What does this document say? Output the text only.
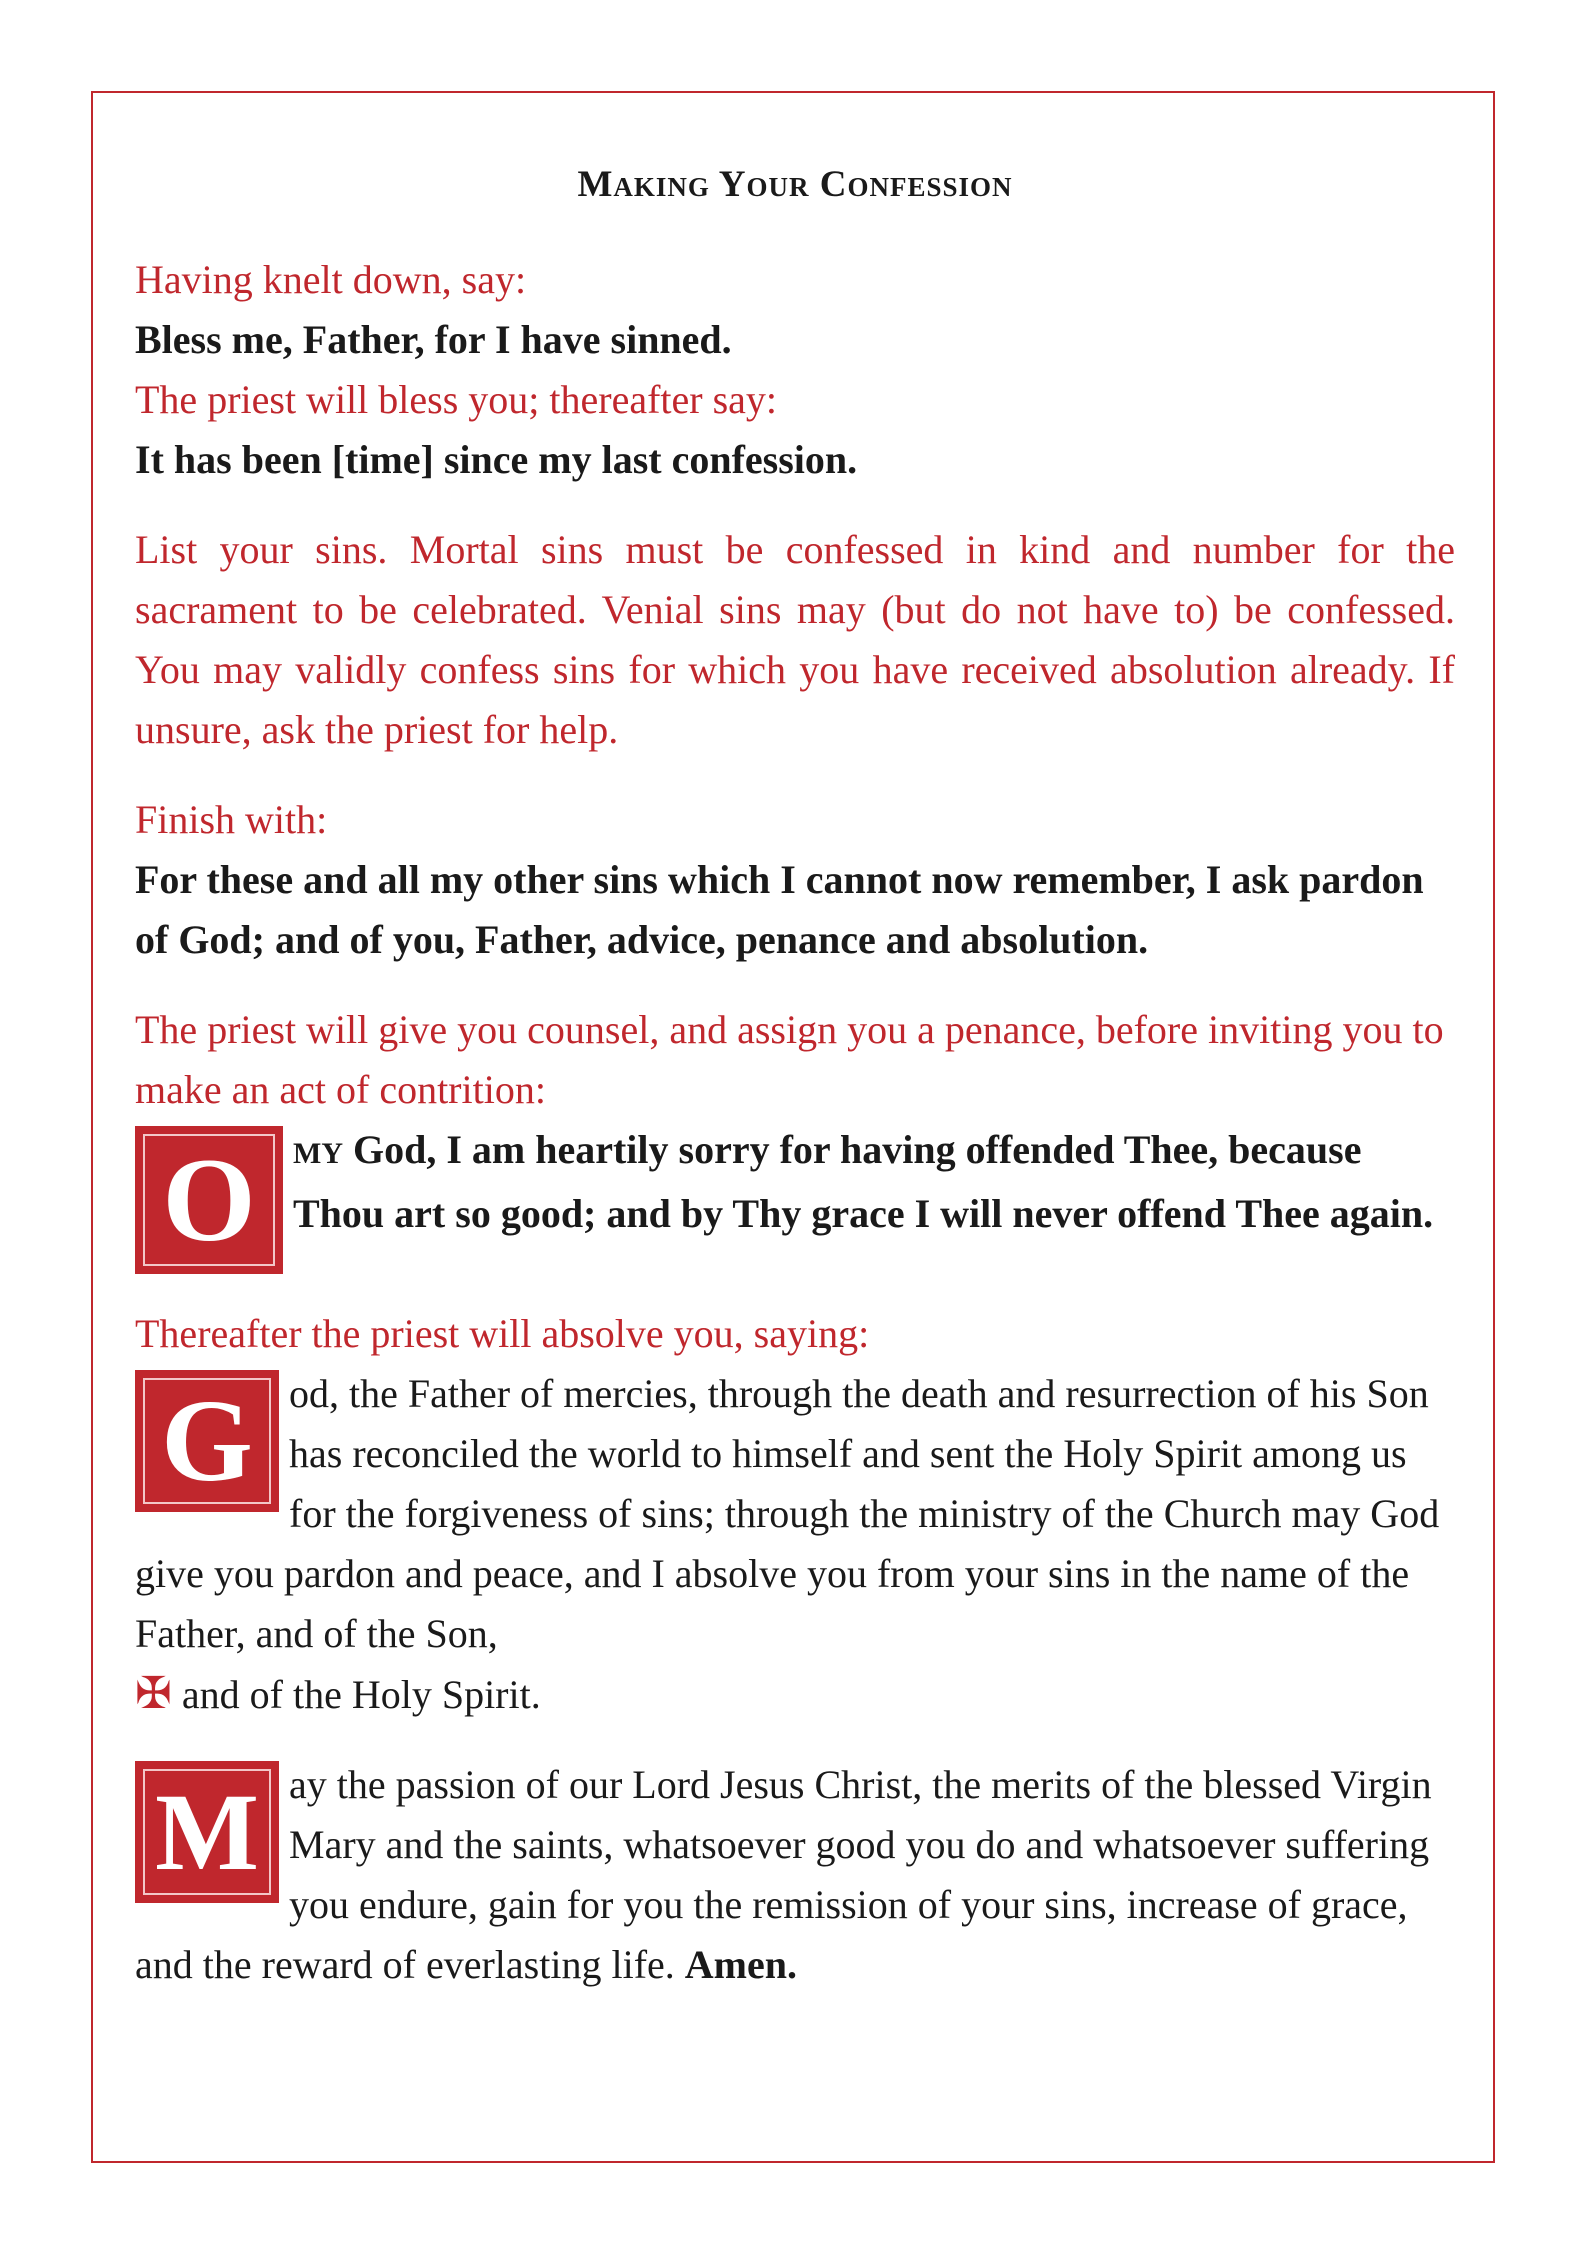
MAKING YOUR CONFESSION

Having knelt down, say:

Bless me, Father, for I have sinned.

The priest will bless you; thereafter say:

It has been [time] since my last confession.

List your sins. Mortal sins must be confessed in kind and number for the sacrament to be celebrated. Venial sins may (but do not have to) be confessed. You may validly confess sins for which you have received absolution already. If unsure, ask the priest for help.

Finish with:

For these and all my other sins which I cannot now remember, I ask pardon of God; and of you, Father, advice, penance and absolution.

The priest will give you counsel, and assign you a penance, before inviting you to make an act of contrition:

O	MY God, I am heartily sorry for having offended Thee, because Thou art so good; and by Thy grace I will never offend Thee again.

Thereafter the priest will absolve you, saying:

G od, the Father of mercies, through the death and resurrection of his Son has reconciled the world to himself and sent the Holy Spirit among us for the forgiveness of sins; through the ministry of the Church may God give you pardon and peace, and I absolve you from your sins in the name of the Father, and of the Son,
✠ and of the Holy Spirit.

M ay the passion of our Lord Jesus Christ, the merits of the blessed Virgin Mary and the saints, whatsoever good you do and whatsoever suffering you endure, gain for you the remission of your sins, increase of grace, and the reward of everlasting life. Amen.
